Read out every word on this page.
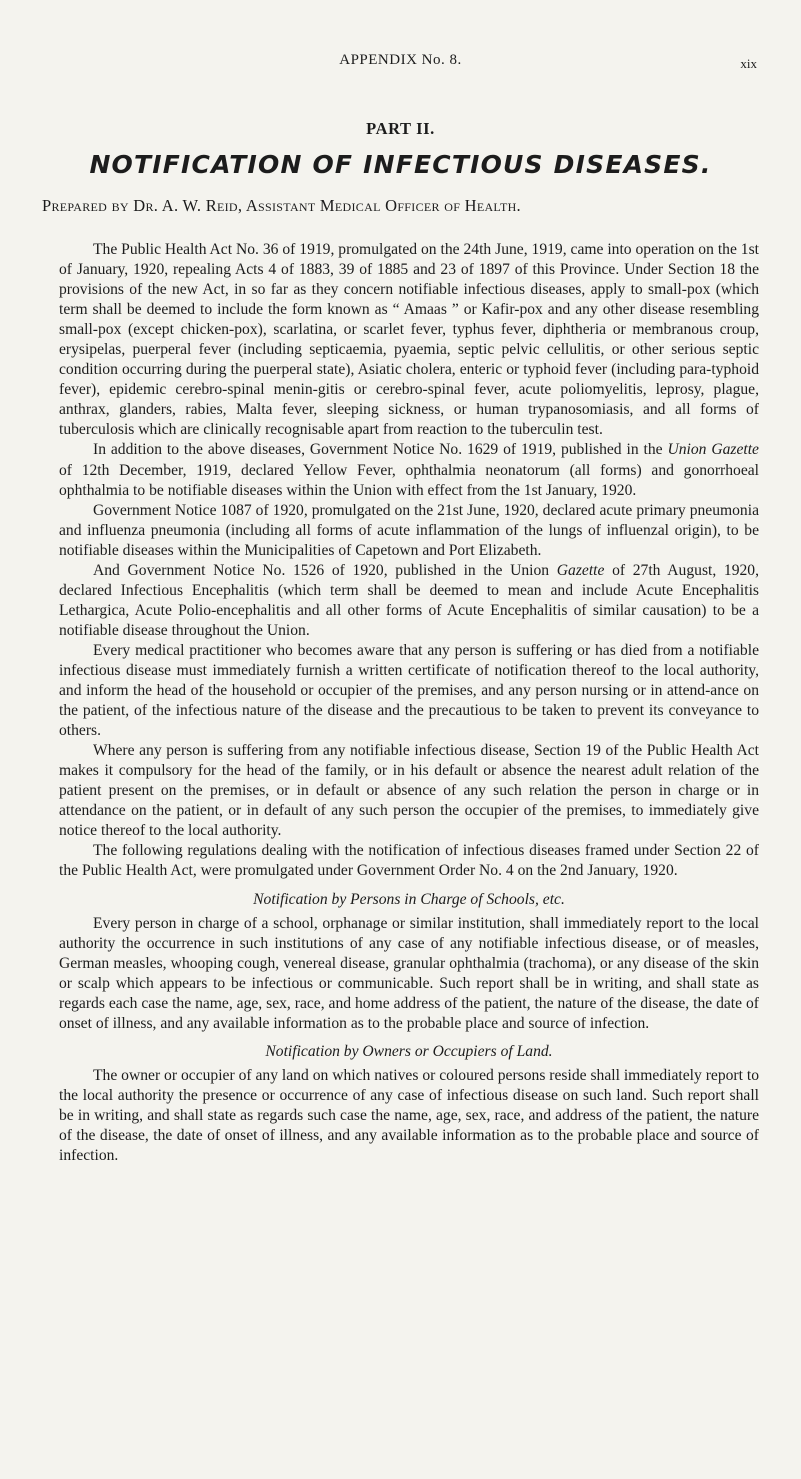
APPENDIX No. 8.	xix
PART II.
NOTIFICATION OF INFECTIOUS DISEASES.
Prepared by Dr. A. W. Reid, Assistant Medical Officer of Health.

The Public Health Act No. 36 of 1919, promulgated on the 24th June, 1919, came into operation on the 1st of January, 1920, repealing Acts 4 of 1883, 39 of 1885 and 23 of 1897 of this Province. Under Section 18 the provisions of the new Act, in so far as they concern notifiable infectious diseases, apply to small-pox (which term shall be deemed to include the form known as “ Amaas ” or Kafir-pox and any other disease resembling small-pox (except chicken-pox), scarlatina, or scarlet fever, typhus fever, diphtheria or membranous croup, erysipelas, puerperal fever (including septicaemia, pyaemia, septic pelvic cellulitis, or other serious septic condition occurring during the puerperal state), Asiatic cholera, enteric or typhoid fever (including para-typhoid fever), epidemic cerebro-spinal menin-gitis or cerebro-spinal fever, acute poliomyelitis, leprosy, plague, anthrax, glanders, rabies, Malta fever, sleeping sickness, or human trypanosomiasis, and all forms of tuberculosis which are clinically recognisable apart from reaction to the tuberculin test.

In addition to the above diseases, Government Notice No. 1629 of 1919, published in the Union Gazette of 12th December, 1919, declared Yellow Fever, ophthalmia neonatorum (all forms) and gonorrhoeal ophthalmia to be notifiable diseases within the Union with effect from the 1st January, 1920.

Government Notice 1087 of 1920, promulgated on the 21st June, 1920, declared acute primary pneumonia and influenza pneumonia (including all forms of acute inflammation of the lungs of influenzal origin), to be notifiable diseases within the Municipalities of Capetown and Port Elizabeth.

And Government Notice No. 1526 of 1920, published in the Union Gazette of 27th August, 1920, declared Infectious Encephalitis (which term shall be deemed to mean and include Acute Encephalitis Lethargica, Acute Polio-encephalitis and all other forms of Acute Encephalitis of similar causation) to be a notifiable disease throughout the Union.

Every medical practitioner who becomes aware that any person is suffering or has died from a notifiable infectious disease must immediately furnish a written certificate of notification thereof to the local authority, and inform the head of the household or occupier of the premises, and any person nursing or in attend-ance on the patient, of the infectious nature of the disease and the precautious to be taken to prevent its conveyance to others.

Where any person is suffering from any notifiable infectious disease, Section 19 of the Public Health Act makes it compulsory for the head of the family, or in his default or absence the nearest adult relation of the patient present on the premises, or in default or absence of any such relation the person in charge or in attendance on the patient, or in default of any such person the occupier of the premises, to immediately give notice thereof to the local authority.

The following regulations dealing with the notification of infectious diseases framed under Section 22 of the Public Health Act, were promulgated under Government Order No. 4 on the 2nd January, 1920.

Notification by Persons in Charge of Schools, etc.

Every person in charge of a school, orphanage or similar institution, shall immediately report to the local authority the occurrence in such institutions of any case of any notifiable infectious disease, or of measles, German measles, whooping cough, venereal disease, granular ophthalmia (trachoma), or any disease of the skin or scalp which appears to be infectious or communicable. Such report shall be in writing, and shall state as regards each case the name, age, sex, race, and home address of the patient, the nature of the disease, the date of onset of illness, and any available information as to the probable place and source of infection.

Notification by Owners or Occupiers of Land.

The owner or occupier of any land on which natives or coloured persons reside shall immediately report to the local authority the presence or occurrence of any case of infectious disease on such land. Such report shall be in writing, and shall state as regards such case the name, age, sex, race, and address of the patient, the nature of the disease, the date of onset of illness, and any available information as to the probable place and source of infection.
